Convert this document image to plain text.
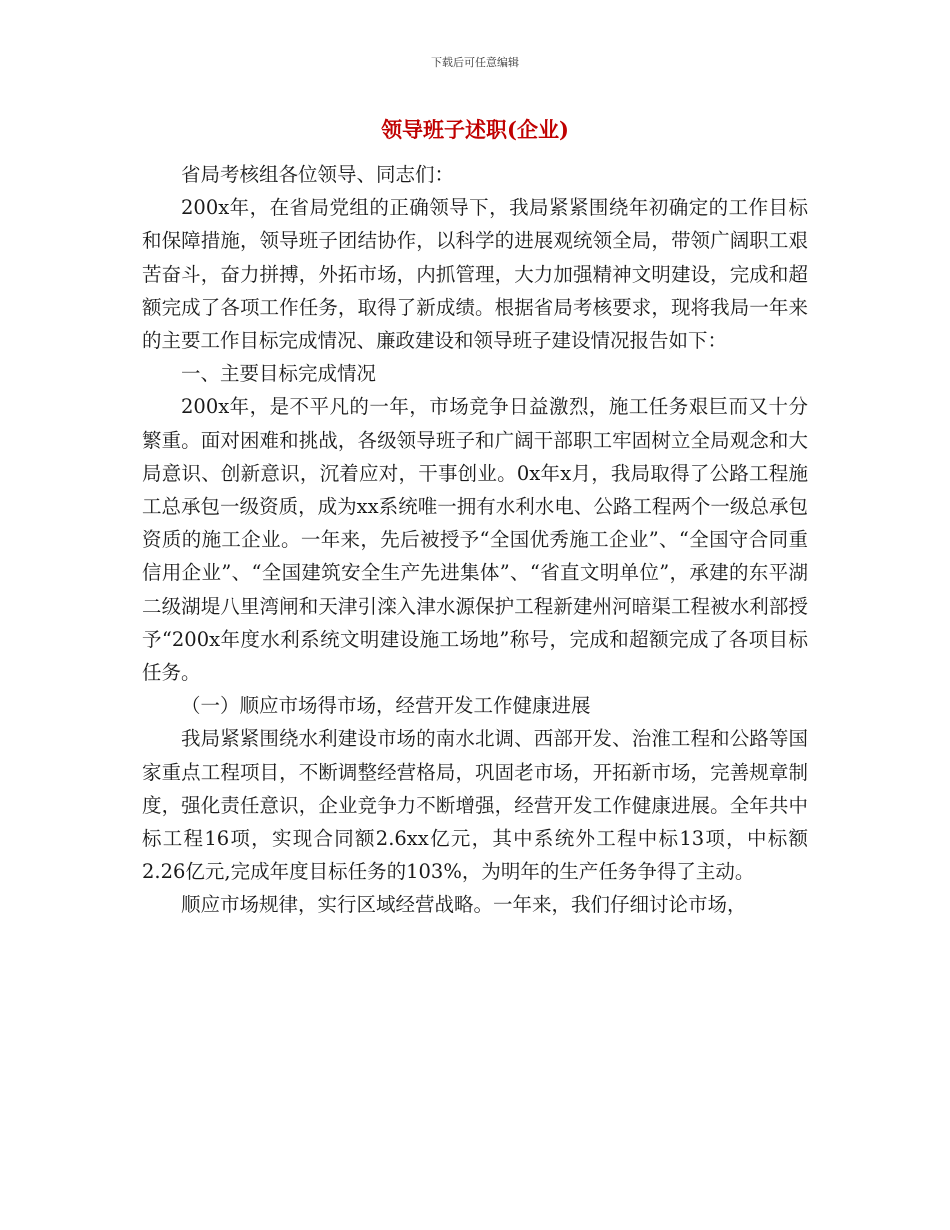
下载后可任意编辑
领导班子述职(企业)

省局考核组各位领导、同志们：

200x年，在省局党组的正确领导下，我局紧紧围绕年初确定的工作目标和保障措施，领导班子团结协作，以科学的进展观统领全局，带领广阔职工艰苦奋斗，奋力拼搏，外拓市场，内抓管理，大力加强精神文明建设，完成和超额完成了各项工作任务，取得了新成绩。根据省局考核要求，现将我局一年来的主要工作目标完成情况、廉政建设和领导班子建设情况报告如下：

一、主要目标完成情况

200x年，是不平凡的一年，市场竞争日益激烈，施工任务艰巨而又十分繁重。面对困难和挑战，各级领导班子和广阔干部职工牢固树立全局观念和大局意识、创新意识，沉着应对，干事创业。0x年x月，我局取得了公路工程施工总承包一级资质，成为xx系统唯一拥有水利水电、公路工程两个一级总承包资质的施工企业。一年来，先后被授予“全国优秀施工企业”、“全国守合同重信用企业”、“全国建筑安全生产先进集体”、“省直文明单位”，承建的东平湖二级湖堤八里湾闸和天津引滦入津水源保护工程新建州河暗渠工程被水利部授予“200x年度水利系统文明建设施工场地”称号，完成和超额完成了各项目标任务。

（一）顺应市场得市场，经营开发工作健康进展

我局紧紧围绕水利建设市场的南水北调、西部开发、治淮工程和公路等国家重点工程项目，不断调整经营格局，巩固老市场，开拓新市场，完善规章制度，强化责任意识，企业竞争力不断增强，经营开发工作健康进展。全年共中标工程16项，实现合同额2.6xx亿元，其中系统外工程中标13项，中标额2.26亿元,完成年度目标任务的103%，为明年的生产任务争得了主动。

顺应市场规律，实行区域经营战略。一年来，我们仔细讨论市场，
